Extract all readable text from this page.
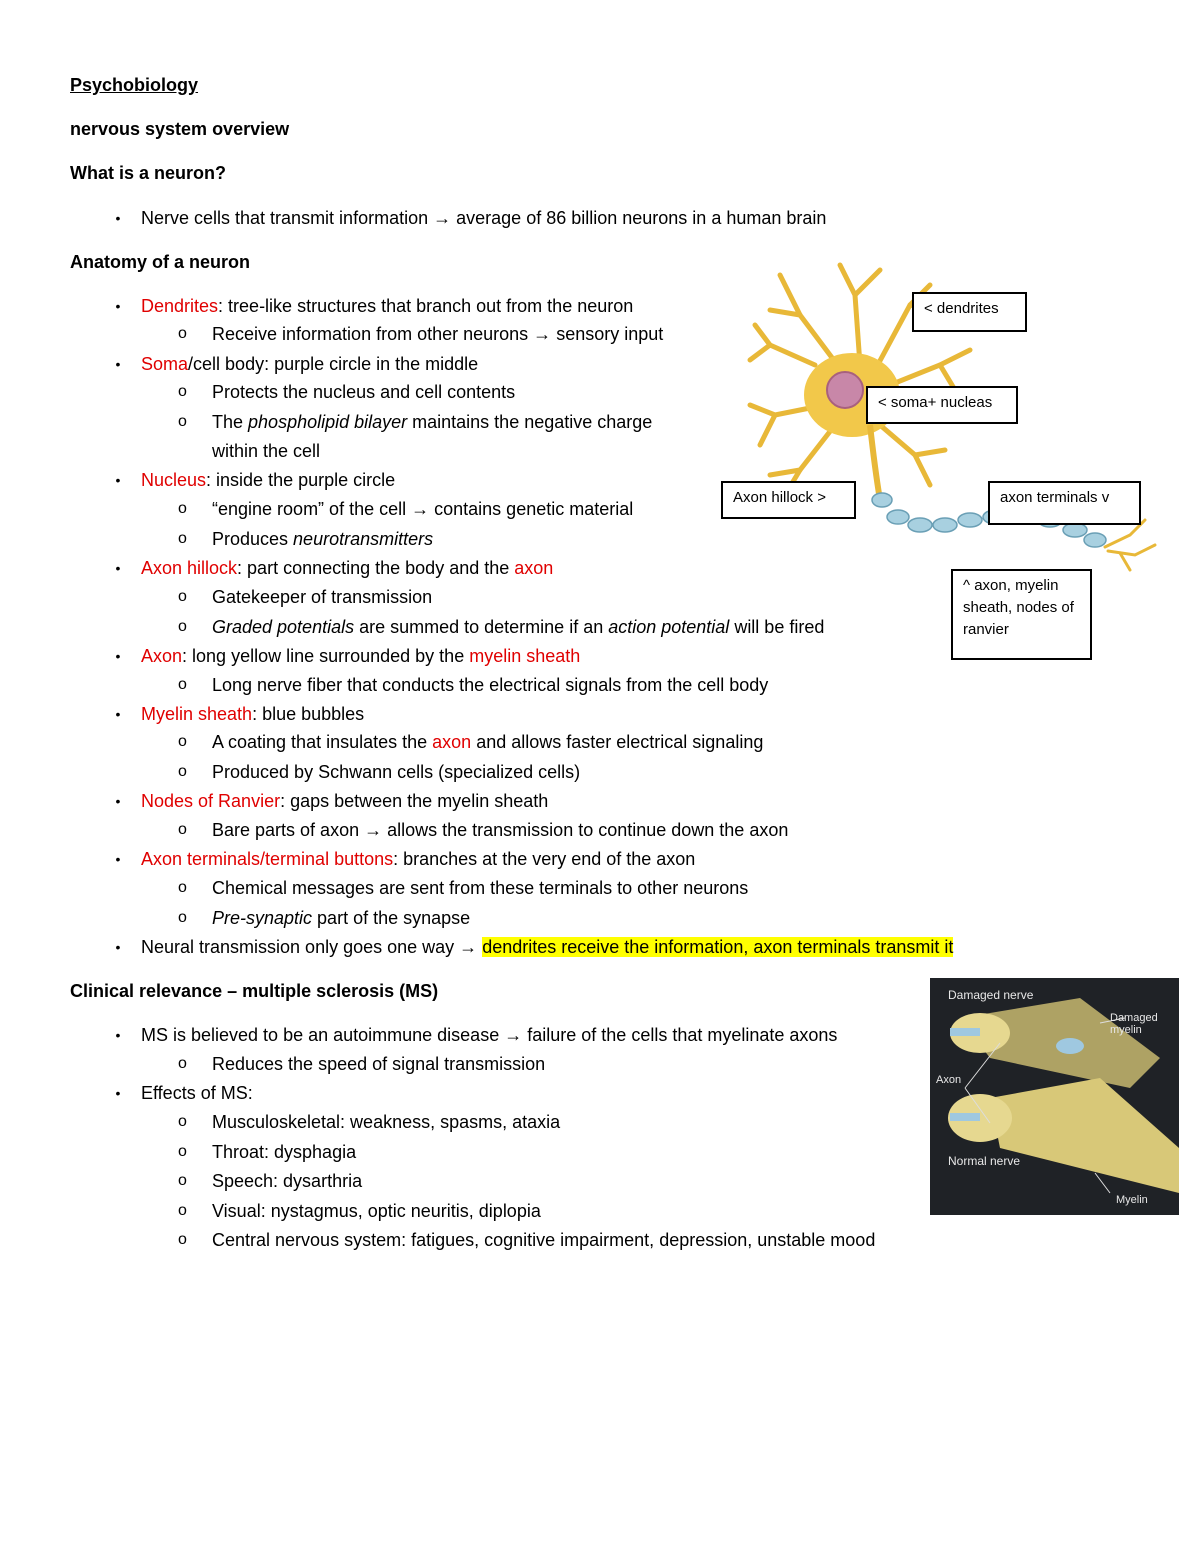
Psychobiology
nervous system overview
What is a neuron?
•	Nerve cells that transmit information → average of 86 billion neurons in a human brain
Anatomy of a neuron
•	Dendrites: tree-like structures that branch out from the neuron
o Receive information from other neurons → sensory input
•	Soma/cell body: purple circle in the middle
o Protects the nucleus and cell contents
o The phospholipid bilayer maintains the negative charge
within the cell
•	Nucleus: inside the purple circle
o “engine room” of the cell → contains genetic material
o Produces neurotransmitters
•	Axon hillock: part connecting the body and the axon
o Gatekeeper of transmission
o Graded potentials are summed to determine if an action potential will be fired
•	Axon: long yellow line surrounded by the myelin sheath
o Long nerve fiber that conducts the electrical signals from the cell body
•	Myelin sheath: blue bubbles
o A coating that insulates the axon and allows faster electrical signaling
o Produced by Schwann cells (specialized cells)
•	Nodes of Ranvier: gaps between the myelin sheath
o Bare parts of axon → allows the transmission to continue down the axon
•	Axon terminals/terminal buttons: branches at the very end of the axon
o Chemical messages are sent from these terminals to other neurons
o Pre-synaptic part of the synapse
•	Neural transmission only goes one way → dendrites receive the information, axon terminals transmit it
Clinical relevance – multiple sclerosis (MS)
•	MS is believed to be an autoimmune disease → failure of the cells that myelinate axons
o Reduces the speed of signal transmission
•	Effects of MS:
o Musculoskeletal: weakness, spasms, ataxia
o Throat: dysphagia
o Speech: dysarthria
o Visual: nystagmus, optic neuritis, diplopia
o Central nervous system: fatigues, cognitive impairment, depression, unstable mood
< dendrites
< soma+ nucleas
Axon hillock >	axon terminals v
^ axon, myelin sheath, nodes of ranvier
Damaged nerve
Damaged myelin
Axon
Normal nerve
Myelin
